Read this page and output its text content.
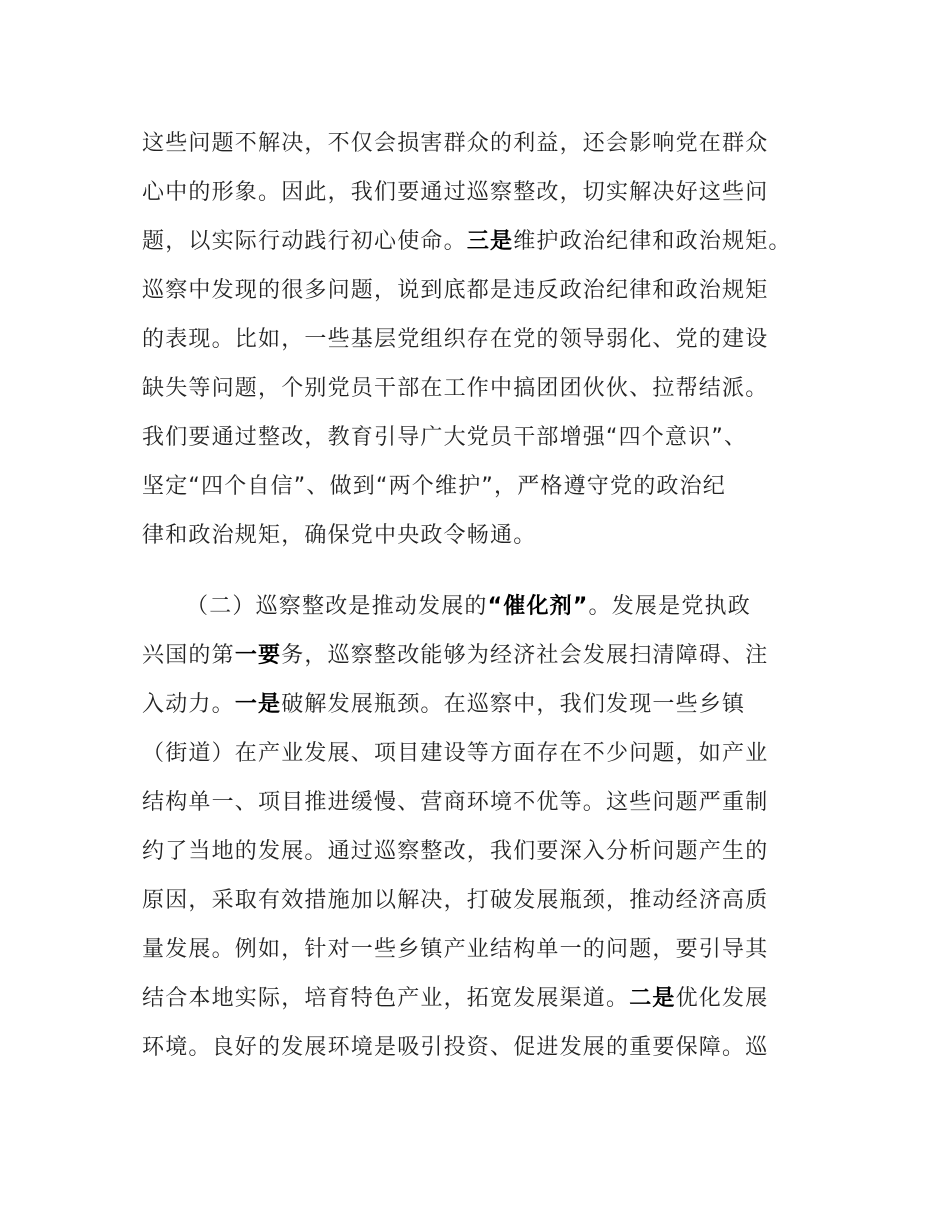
这些问题不解决，不仅会损害群众的利益，还会影响党在群众
心中的形象。因此，我们要通过巡察整改，切实解决好这些问
题，以实际行动践行初心使命。三是维护政治纪律和政治规矩。
巡察中发现的很多问题，说到底都是违反政治纪律和政治规矩
的表现。比如，一些基层党组织存在党的领导弱化、党的建设
缺失等问题，个别党员干部在工作中搞团团伙伙、拉帮结派。
我们要通过整改，教育引导广大党员干部增强“四个意识”、
坚定“四个自信”、做到“两个维护”，严格遵守党的政治纪
律和政治规矩，确保党中央政令畅通。
（二）巡察整改是推动发展的“催化剂”。发展是党执政
兴国的第一要务，巡察整改能够为经济社会发展扫清障碍、注
入动力。一是破解发展瓶颈。在巡察中，我们发现一些乡镇
（街道）在产业发展、项目建设等方面存在不少问题，如产业
结构单一、项目推进缓慢、营商环境不优等。这些问题严重制
约了当地的发展。通过巡察整改，我们要深入分析问题产生的
原因，采取有效措施加以解决，打破发展瓶颈，推动经济高质
量发展。例如，针对一些乡镇产业结构单一的问题，要引导其
结合本地实际，培育特色产业，拓宽发展渠道。二是优化发展
环境。良好的发展环境是吸引投资、促进发展的重要保障。巡
